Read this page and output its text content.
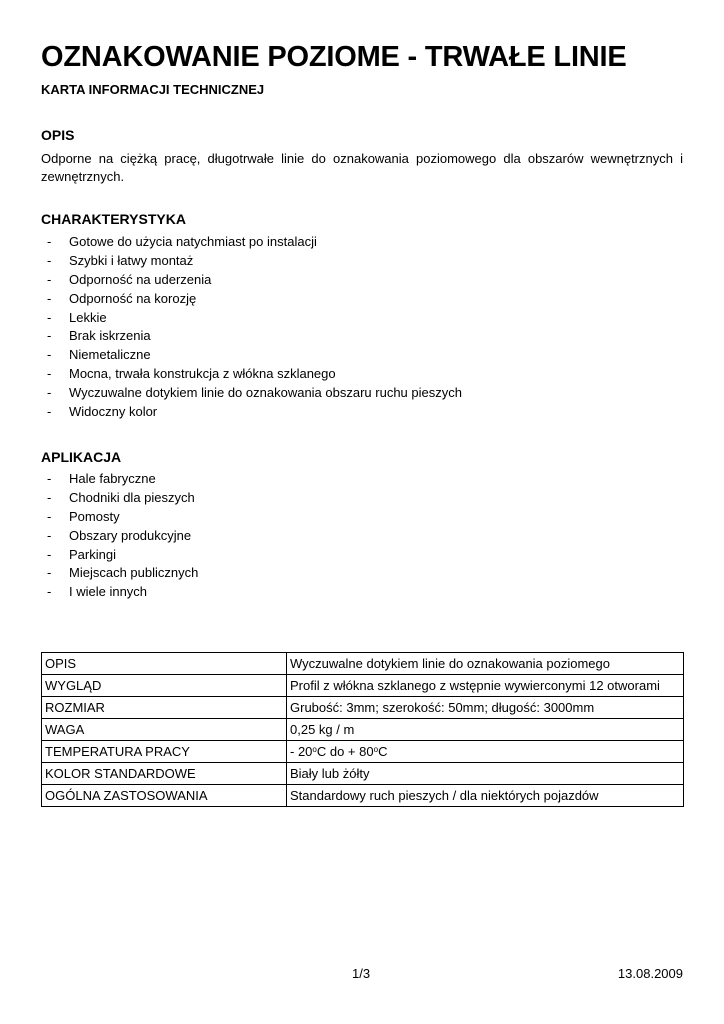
OZNAKOWANIE POZIOME - TRWAŁE LINIE
KARTA INFORMACJI TECHNICZNEJ
OPIS

Odporne na ciężką pracę, długotrwałe linie do oznakowania poziomowego dla obszarów wewnętrznych i zewnętrznych.

CHARAKTERYSTYKA
- Gotowe do użycia natychmiast po instalacji
- Szybki i łatwy montaż
- Odporność na uderzenia
- Odporność na korozję
- Lekkie
- Brak iskrzenia
- Niemetaliczne
- Mocna, trwała konstrukcja z włókna szklanego
- Wyczuwalne dotykiem linie do oznakowania obszaru ruchu pieszych
- Widoczny kolor
APLIKACJA
- Hale fabryczne
- Chodniki dla pieszych
- Pomosty
- Obszary produkcyjne
- Parkingi
- Miejscach publicznych
- I wiele innych
OPIS	Wyczuwalne dotykiem linie do oznakowania poziomego
WYGLĄD	Profil z włókna szklanego z wstępnie wywierconymi 12 otworami
ROZMIAR	Grubość: 3mm; szerokość: 50mm; długość: 3000mm
WAGA	0,25 kg / m
TEMPERATURA PRACY	- 20$^o$C do + $80^oC$
KOLOR STANDARDOWE	Biały lub żółty
OGÓLNA ZASTOSOWANIA	Standardowy ruch pieszych / dla niektórych pojazdów
1/3	13.08.2009
